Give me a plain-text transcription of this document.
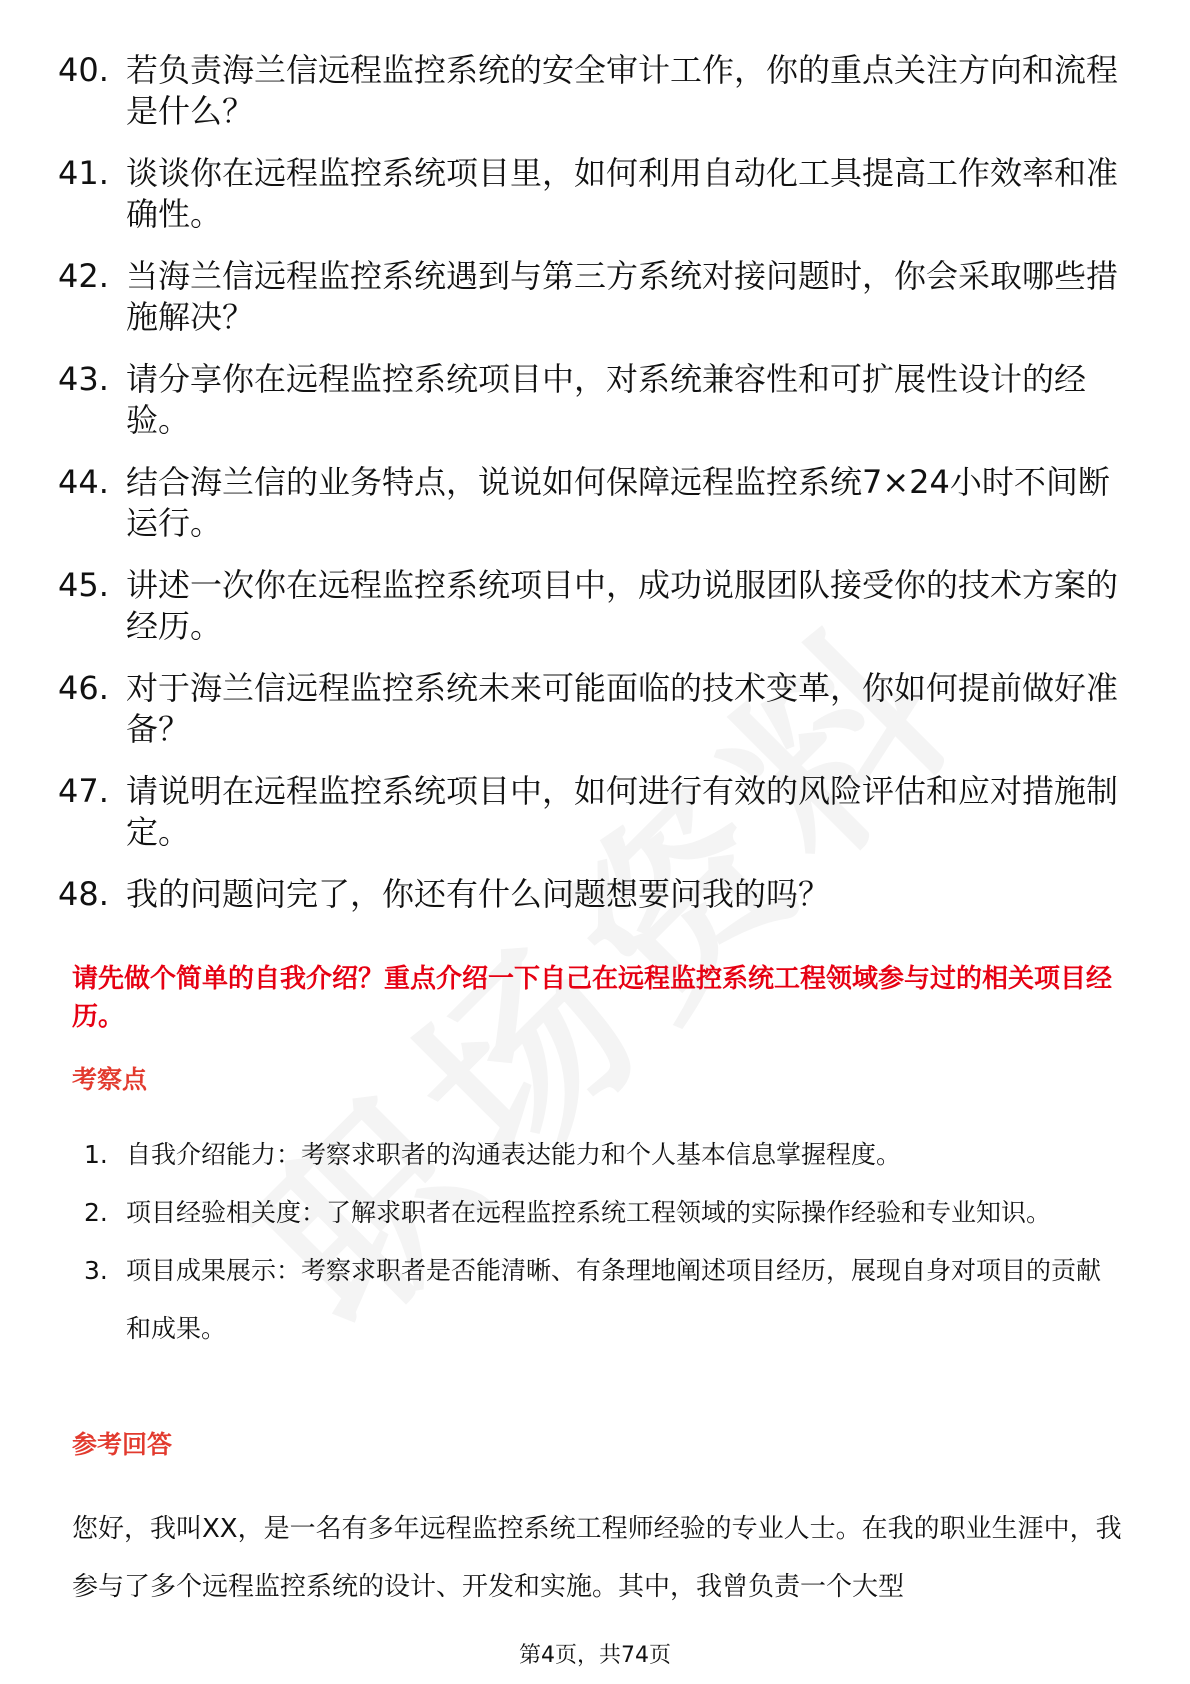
40. 若负责海兰信远程监控系统的安全审计工作，你的重点关注方向和流程是什么？
41. 谈谈你在远程监控系统项目里，如何利用自动化工具提高工作效率和准确性。
42. 当海兰信远程监控系统遇到与第三方系统对接问题时，你会采取哪些措施解决？
43. 请分享你在远程监控系统项目中，对系统兼容性和可扩展性设计的经验。
44. 结合海兰信的业务特点，说说如何保障远程监控系统7×24小时不间断运行。
45. 讲述一次你在远程监控系统项目中，成功说服团队接受你的技术方案的经历。
46. 对于海兰信远程监控系统未来可能面临的技术变革，你如何提前做好准备？
47. 请说明在远程监控系统项目中，如何进行有效的风险评估和应对措施制定。
48. 我的问题问完了，你还有什么问题想要问我的吗？
请先做个简单的自我介绍？重点介绍一下自己在远程监控系统工程领域参与过的相关项目经历。
考察点
1. 自我介绍能力：考察求职者的沟通表达能力和个人基本信息掌握程度。
2. 项目经验相关度：了解求职者在远程监控系统工程领域的实际操作经验和专业知识。
3. 项目成果展示：考察求职者是否能清晰、有条理地阐述项目经历，展现自身对项目的贡献和成果。
参考回答
您好，我叫XX，是一名有多年远程监控系统工程师经验的专业人士。在我的职业生涯中，我参与了多个远程监控系统的设计、开发和实施。其中，我曾负责一个大型
第4页，共74页
